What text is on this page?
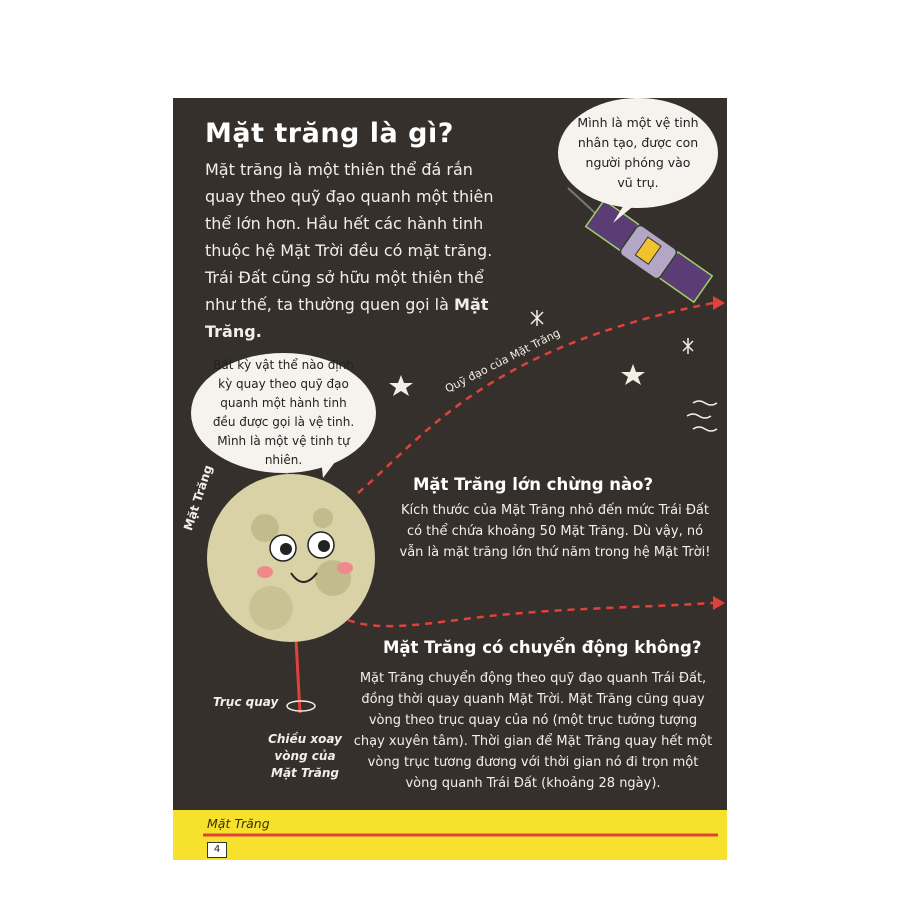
Mặt trăng là gì?
Mặt trăng là một thiên thể đá rắn quay theo quỹ đạo quanh một thiên thể lớn hơn. Hầu hết các hành tinh thuộc hệ Mặt Trời đều có mặt trăng. Trái Đất cũng sở hữu một thiên thể như thế, ta thường quen gọi là Mặt Trăng.
Mình là một vệ tinh nhân tạo, được con người phóng vào vũ trụ.
Bất kỳ vật thể nào định kỳ quay theo quỹ đạo quanh một hành tinh đều được gọi là vệ tinh. Mình là một vệ tinh tự nhiên.
Quỹ đạo của Mặt Trăng
Mặt Trăng	Mặt Trăng lớn chừng nào?
Kích thước của Mặt Trăng nhỏ đến mức Trái Đất có thể chứa khoảng 50 Mặt Trăng. Dù vậy, nó vẫn là mặt trăng lớn thứ năm trong hệ Mặt Trời!
Mặt Trăng có chuyển động không?
Mặt Trăng chuyển động theo quỹ đạo quanh Trái Đất, đồng thời quay quanh Mặt Trời. Mặt Trăng cũng quay vòng theo trục quay của nó (một trục tưởng tượng chạy xuyên tâm). Thời gian để Mặt Trăng quay hết một vòng trục tương đương với thời gian nó đi trọn một vòng quanh Trái Đất (khoảng 28 ngày).
Trục quay
Chiều xoay vòng của Mặt Trăng
Mặt Trăng
4
